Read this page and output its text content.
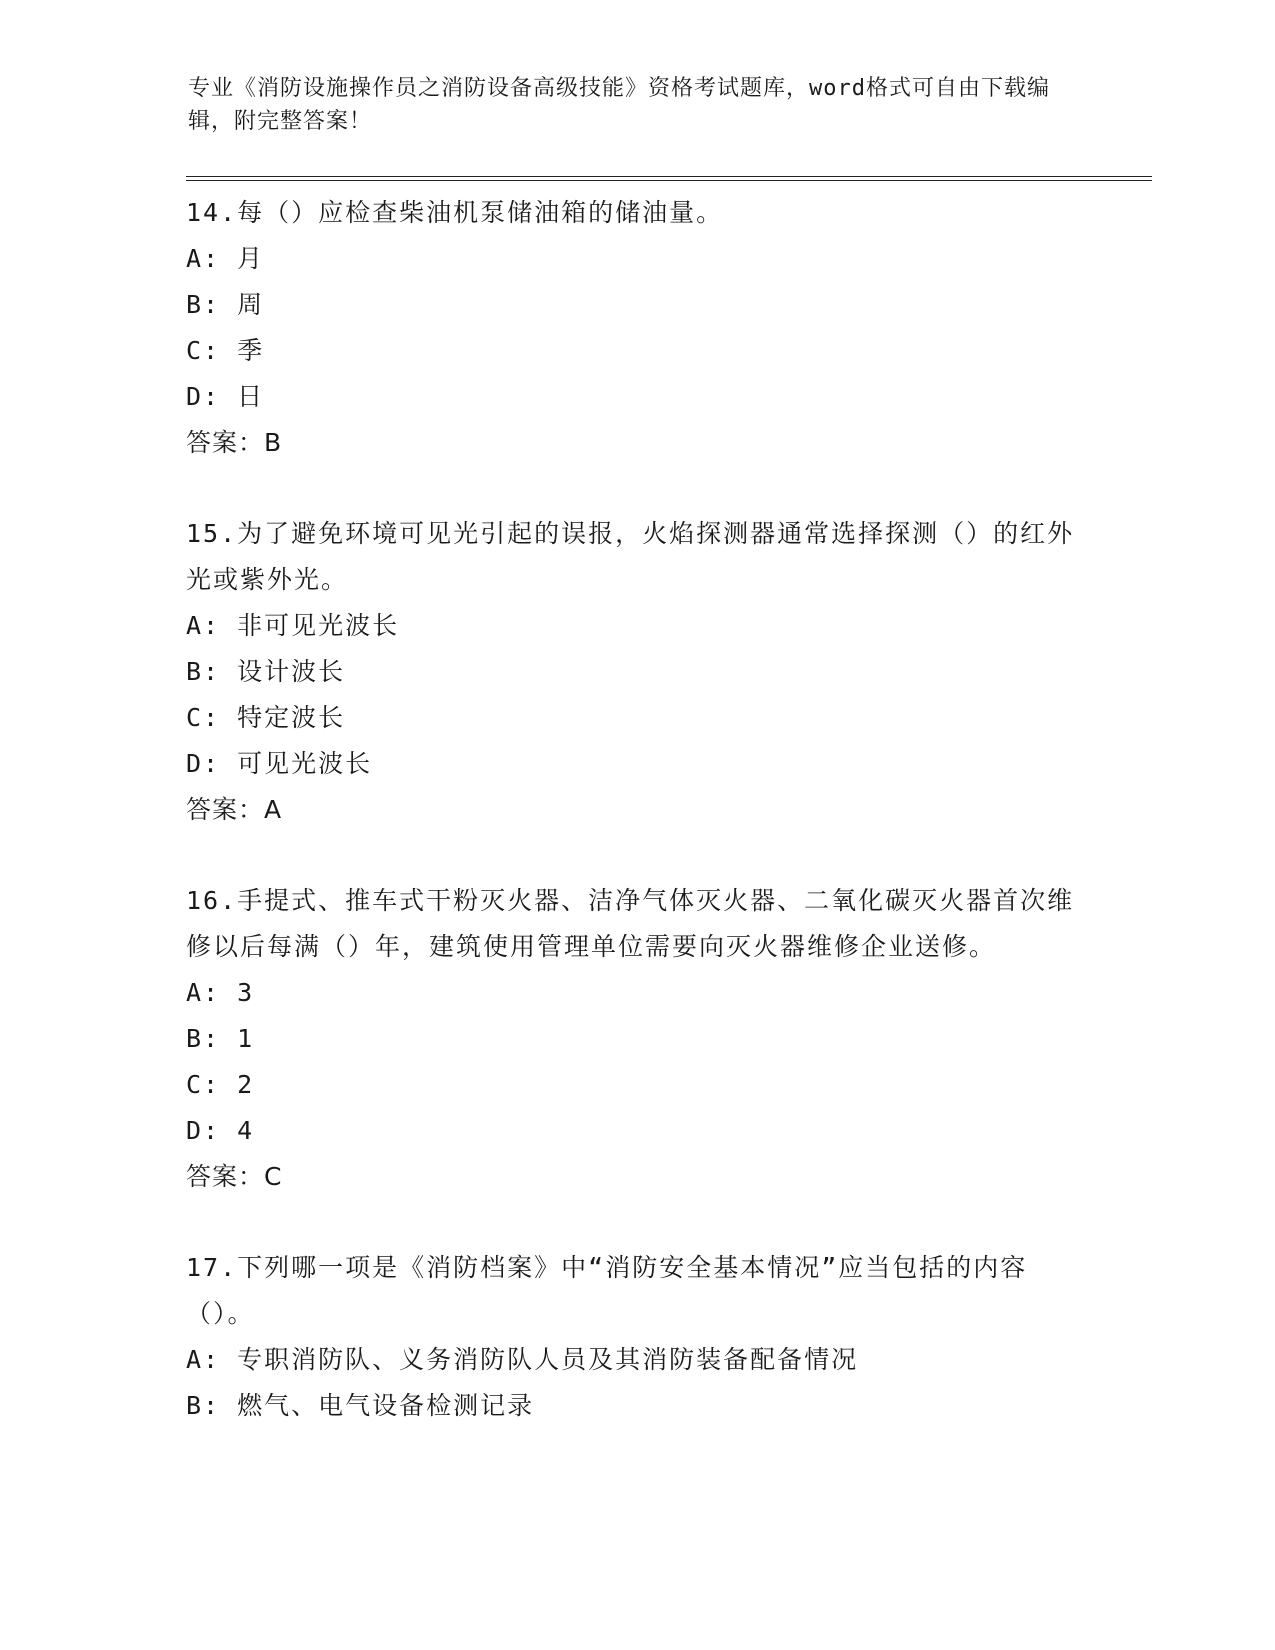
专业《消防设施操作员之消防设备高级技能》资格考试题库，word格式可自由下载编辑，附完整答案！

14.每（）应检查柴油机泵储油箱的储油量。

A: 月

B: 周

C: 季

D: 日

答案：B

15.为了避免环境可见光引起的误报，火焰探测器通常选择探测（）的红外光或紫外光。

A: 非可见光波长

B: 设计波长

C: 特定波长

D: 可见光波长

答案：A

16.手提式、推车式干粉灭火器、洁净气体灭火器、二氧化碳灭火器首次维修以后每满（）年，建筑使用管理单位需要向灭火器维修企业送修。

A: 3

B: 1

C: 2

D: 4

答案：C

17.下列哪一项是《消防档案》中“消防安全基本情况”应当包括的内容（）。

A: 专职消防队、义务消防队人员及其消防装备配备情况

B: 燃气、电气设备检测记录
